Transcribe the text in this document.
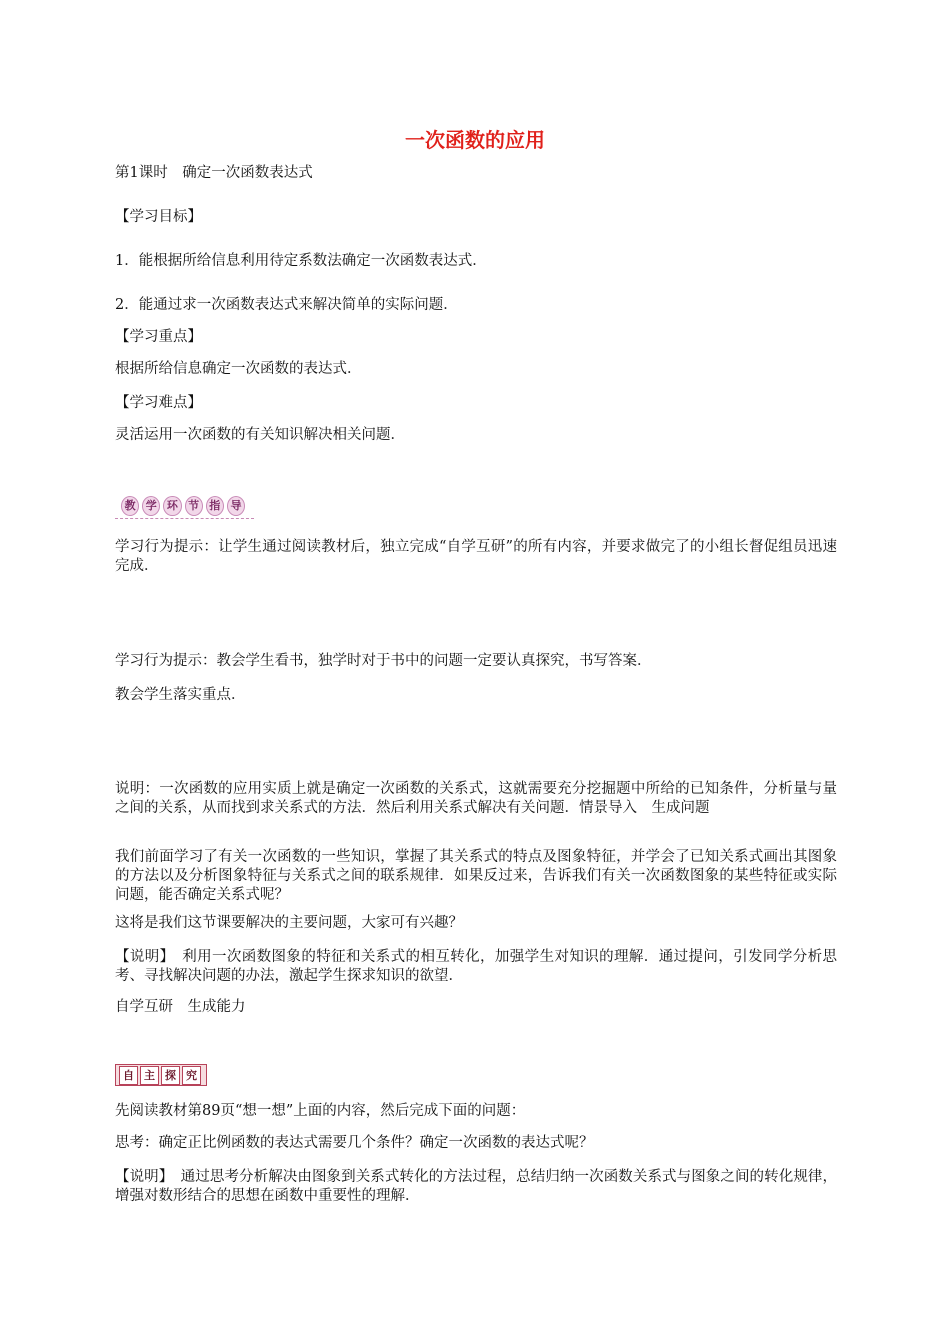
一次函数的应用
第1课时　确定一次函数表达式
【学习目标】
1．能根据所给信息利用待定系数法确定一次函数表达式．
2．能通过求一次函数表达式来解决简单的实际问题．
【学习重点】
根据所给信息确定一次函数的表达式．
【学习难点】
灵活运用一次函数的有关知识解决相关问题．
教 学 环 节 指 导
学习行为提示：让学生通过阅读教材后，独立完成“自学互研”的所有内容，并要求做完了的小组长督促组员迅速完成．
学习行为提示：教会学生看书，独学时对于书中的问题一定要认真探究，书写答案．
教会学生落实重点．
说明：一次函数的应用实质上就是确定一次函数的关系式，这就需要充分挖掘题中所给的已知条件，分析量与量之间的关系，从而找到求关系式的方法．然后利用关系式解决有关问题．情景导入　生成问题
我们前面学习了有关一次函数的一些知识，掌握了其关系式的特点及图象特征，并学会了已知关系式画出其图象的方法以及分析图象特征与关系式之间的联系规律．如果反过来，告诉我们有关一次函数图象的某些特征或实际问题，能否确定关系式呢？
这将是我们这节课要解决的主要问题，大家可有兴趣？
【说明】　利用一次函数图象的特征和关系式的相互转化，加强学生对知识的理解．通过提问，引发同学分析思考、寻找解决问题的办法，激起学生探求知识的欲望．
自学互研　生成能力
自 主 探 究
先阅读教材第89页“想一想”上面的内容，然后完成下面的问题：
思考：确定正比例函数的表达式需要几个条件？确定一次函数的表达式呢？
【说明】　通过思考分析解决由图象到关系式转化的方法过程，总结归纳一次函数关系式与图象之间的转化规律，增强对数形结合的思想在函数中重要性的理解．
